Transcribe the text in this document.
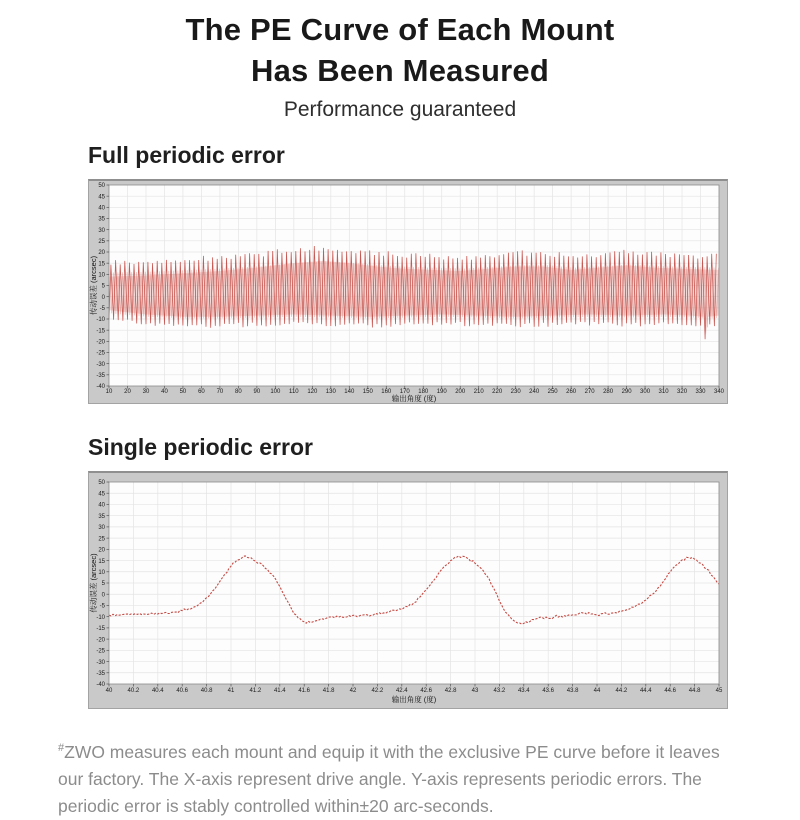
The PE Curve of Each Mount
Has Been Measured
Performance guaranteed
Full periodic error
10 20 30 40 50 60 70 80 90 100 110 120 130 140 150 160 170 180 190 200 210 220 230 240 250 260 270 280 290 300 310 320 330 340
50
45
40
35
30
25
20
15
10
5
0
-5
-10
-15
-20
-25
-30
-35
-40
输出角度 (度)
传动误差 (arcsec)
Single periodic error
40	40.2 40.4 40.6 40.8	41	41.2 41.4 41.6 41.8	42	42.2 42.4 42.6 42.8	43	43.2 43.4 43.6 43.8	44	44.2 44.4 44.6 44.8	45
50
45
40
35
30
25
20
15
10
5
0
-5
-10
-15
-20
-25
-30
-35
-40
输出角度 (度)
传动误差 (arcsec)

#ZWO measures each mount and equip it with the exclusive PE curve before it leaves our factory. The X-axis represent drive angle. Y-axis represents periodic errors. The periodic error is stably controlled within±20 arc-seconds.
